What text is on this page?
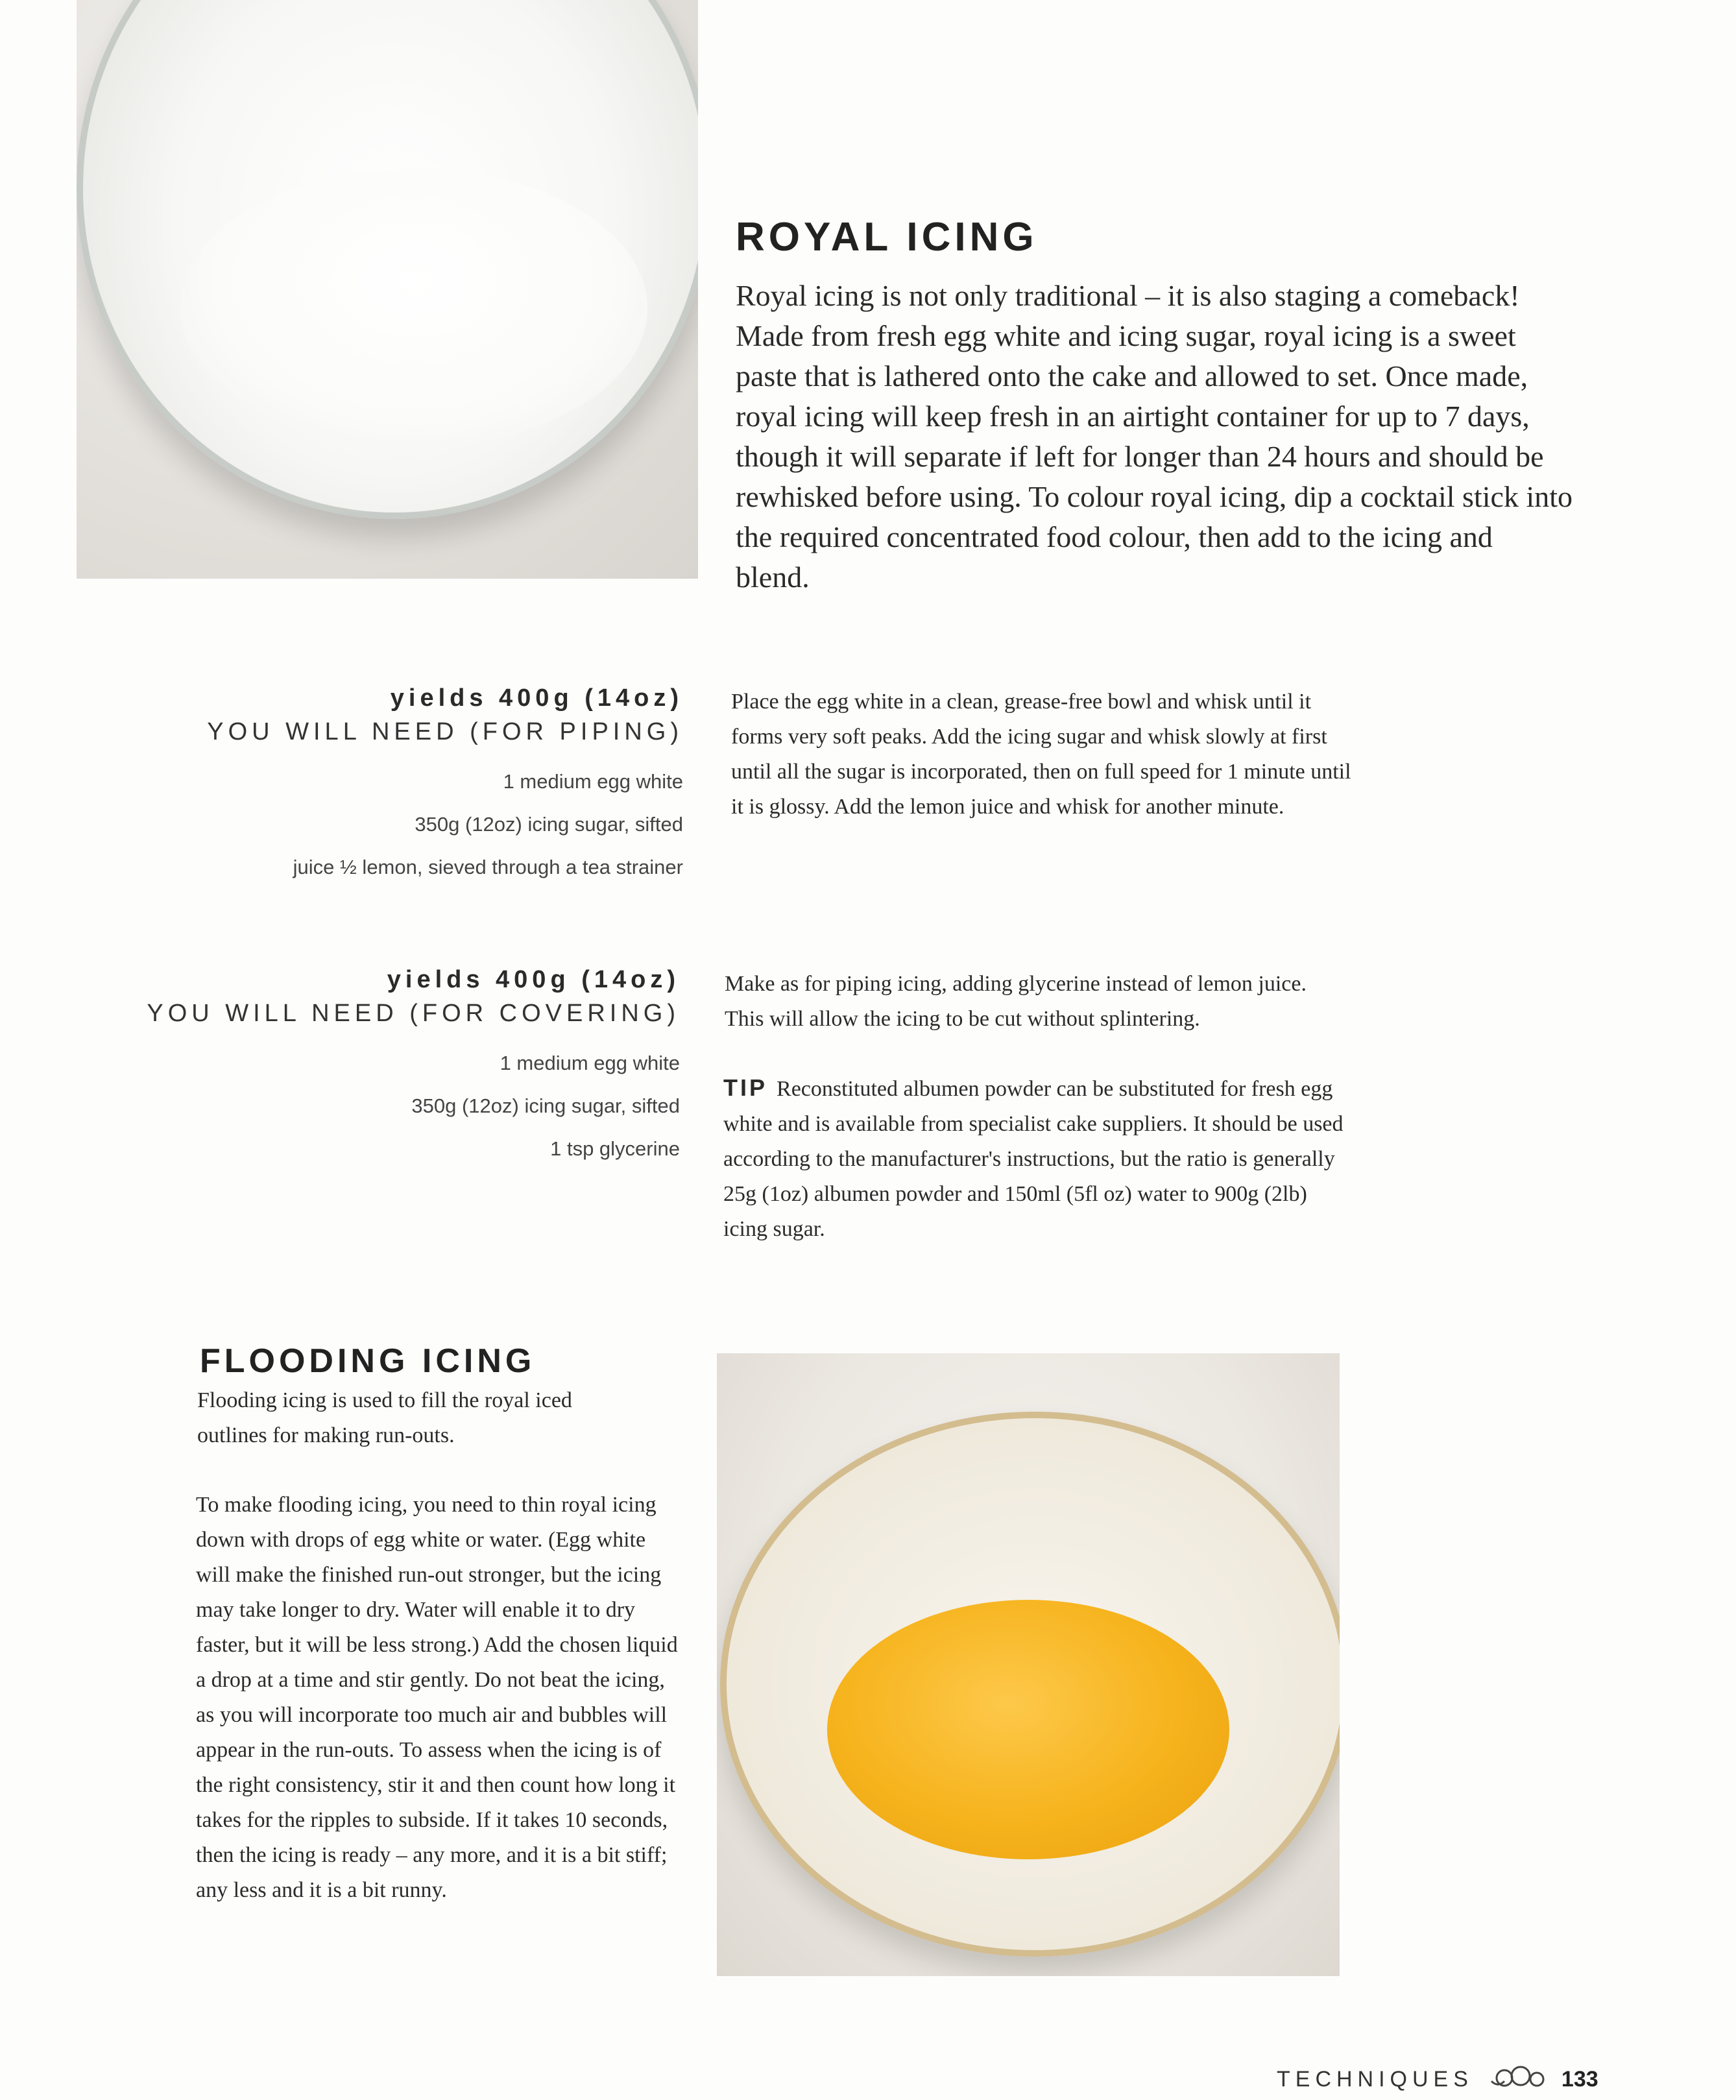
ROYAL ICING
Royal icing is not only traditional – it is also staging a comeback! Made from fresh egg white and icing sugar, royal icing is a sweet paste that is lathered onto the cake and allowed to set. Once made, royal icing will keep fresh in an airtight container for up to 7 days, though it will separate if left for longer than 24 hours and should be rewhisked before using. To colour royal icing, dip a cocktail stick into the required concentrated food colour, then add to the icing and blend.
yields 400g (14oz)
YOU WILL NEED (FOR PIPING)
1 medium egg white
350g (12oz) icing sugar, sifted
juice ½ lemon, sieved through a tea strainer
Place the egg white in a clean, grease-free bowl and whisk until it forms very soft peaks. Add the icing sugar and whisk slowly at first until all the sugar is incorporated, then on full speed for 1 minute until it is glossy. Add the lemon juice and whisk for another minute.
yields 400g (14oz)
YOU WILL NEED (FOR COVERING)
1 medium egg white
350g (12oz) icing sugar, sifted
1 tsp glycerine
Make as for piping icing, adding glycerine instead of lemon juice. This will allow the icing to be cut without splintering.
TIP Reconstituted albumen powder can be substituted for fresh egg white and is available from specialist cake suppliers. It should be used according to the manufacturer's instructions, but the ratio is generally 25g (1oz) albumen powder and 150ml (5fl oz) water to 900g (2lb) icing sugar.
FLOODING ICING
Flooding icing is used to fill the royal iced outlines for making run-outs.
To make flooding icing, you need to thin royal icing down with drops of egg white or water. (Egg white will make the finished run-out stronger, but the icing may take longer to dry. Water will enable it to dry faster, but it will be less strong.) Add the chosen liquid a drop at a time and stir gently. Do not beat the icing, as you will incorporate too much air and bubbles will appear in the run-outs. To assess when the icing is of the right consistency, stir it and then count how long it takes for the ripples to subside. If it takes 10 seconds, then the icing is ready – any more, and it is a bit stiff; any less and it is a bit runny.
TECHNIQUES	133
